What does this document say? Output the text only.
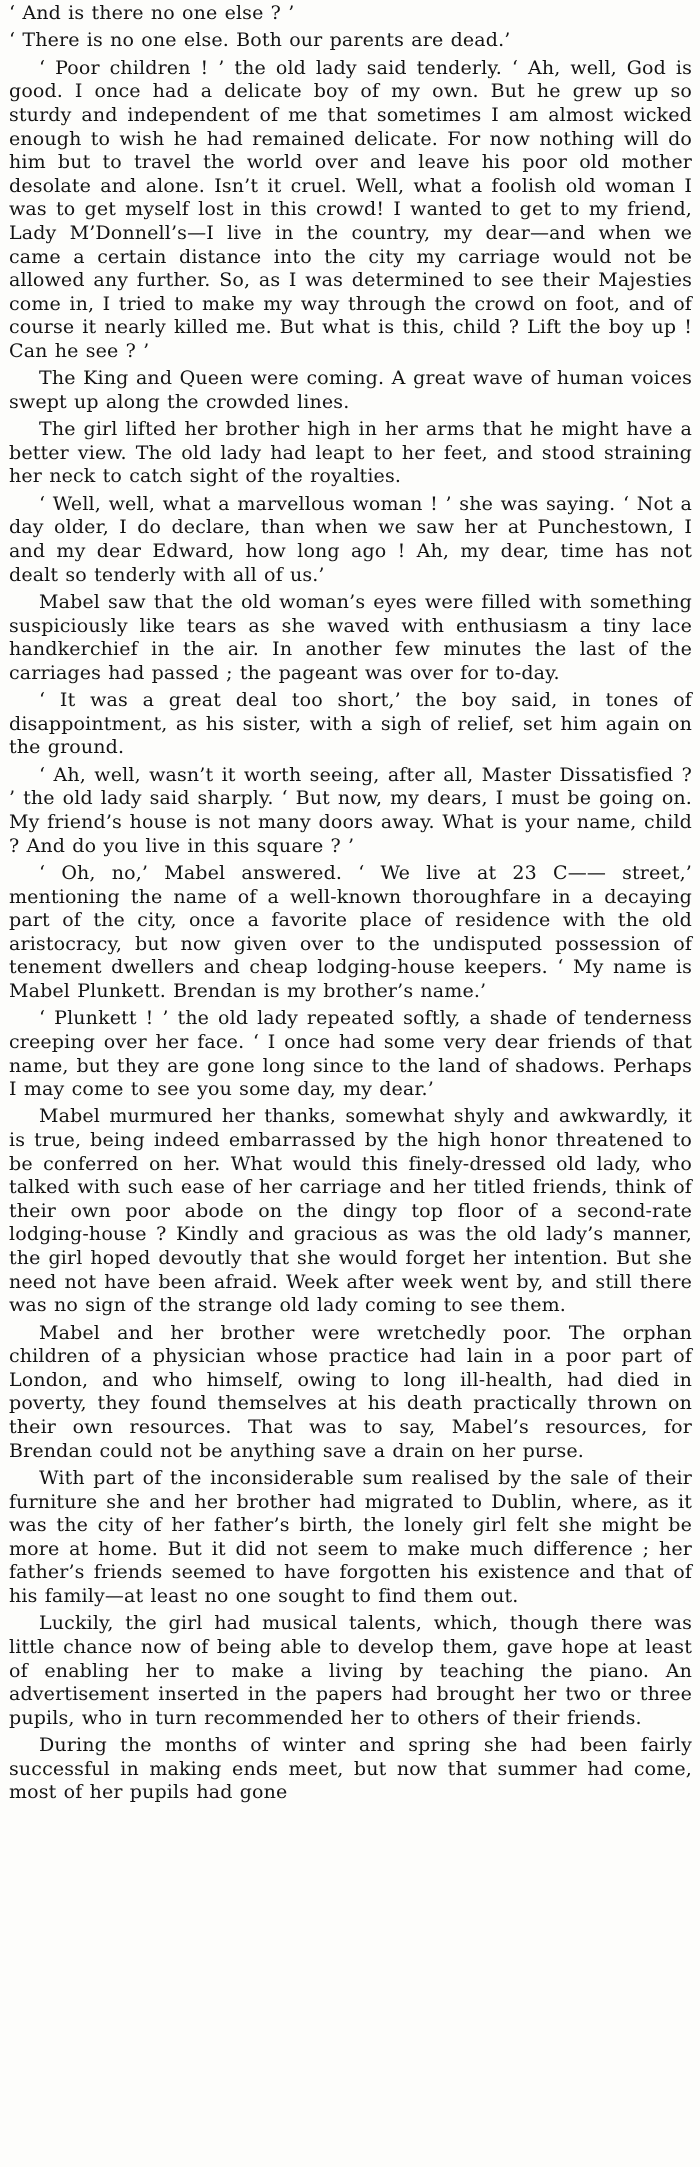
‘ And is there no one else ? ’

‘ There is no one else. Both our parents are dead.’

‘ Poor children ! ’ the old lady said tenderly. ‘ Ah, well, God is good. I once had a delicate boy of my own. But he grew up so sturdy and independent of me that sometimes I am almost wicked enough to wish he had remained delicate. For now nothing will do him but to travel the world over and leave his poor old mother desolate and alone. Isn’t it cruel. Well, what a foolish old woman I was to get myself lost in this crowd! I wanted to get to my friend, Lady M’Donnell’s—I live in the country, my dear—and when we came a certain distance into the city my carriage would not be allowed any further. So, as I was determined to see their Majesties come in, I tried to make my way through the crowd on foot, and of course it nearly killed me. But what is this, child ? Lift the boy up ! Can he see ? ’

The King and Queen were coming. A great wave of human voices swept up along the crowded lines.

The girl lifted her brother high in her arms that he might have a better view. The old lady had leapt to her feet, and stood straining her neck to catch sight of the royalties.

‘ Well, well, what a marvellous woman ! ’ she was saying. ‘ Not a day older, I do declare, than when we saw her at Punchestown, I and my dear Edward, how long ago ! Ah, my dear, time has not dealt so tenderly with all of us.’

Mabel saw that the old woman’s eyes were filled with something suspiciously like tears as she waved with enthusiasm a tiny lace handkerchief in the air. In another few minutes the last of the carriages had passed ; the pageant was over for to-day.

‘ It was a great deal too short,’ the boy said, in tones of disappointment, as his sister, with a sigh of relief, set him again on the ground.

‘ Ah, well, wasn’t it worth seeing, after all, Master Dissatisfied ? ’ the old lady said sharply. ‘ But now, my dears, I must be going on. My friend’s house is not many doors away. What is your name, child ? And do you live in this square ? ’

‘ Oh, no,’ Mabel answered. ‘ We live at 23 C—— street,’ mentioning the name of a well-known thoroughfare in a decaying part of the city, once a favorite place of residence with the old aristocracy, but now given over to the undisputed possession of tenement dwellers and cheap lodging-house keepers. ‘ My name is Mabel Plunkett. Brendan is my brother’s name.’

‘ Plunkett ! ’ the old lady repeated softly, a shade of tenderness creeping over her face. ‘ I once had some very dear friends of that name, but they are gone long since to the land of shadows. Perhaps I may come to see you some day, my dear.’

Mabel murmured her thanks, somewhat shyly and awkwardly, it is true, being indeed embarrassed by the high honor threatened to be conferred on her. What would this finely-dressed old lady, who talked with such ease of her carriage and her titled friends, think of their own poor abode on the dingy top floor of a second-rate lodging-house ? Kindly and gracious as was the old lady’s manner, the girl hoped devoutly that she would forget her intention. But she need not have been afraid. Week after week went by, and still there was no sign of the strange old lady coming to see them.

Mabel and her brother were wretchedly poor. The orphan children of a physician whose practice had lain in a poor part of London, and who himself, owing to long ill-health, had died in poverty, they found themselves at his death practically thrown on their own resources. That was to say, Mabel’s resources, for Brendan could not be anything save a drain on her purse.

With part of the inconsiderable sum realised by the sale of their furniture she and her brother had migrated to Dublin, where, as it was the city of her father’s birth, the lonely girl felt she might be more at home. But it did not seem to make much difference ; her father’s friends seemed to have forgotten his existence and that of his family—at least no one sought to find them out.

Luckily, the girl had musical talents, which, though there was little chance now of being able to develop them, gave hope at least of enabling her to make a living by teaching the piano. An advertisement inserted in the papers had brought her two or three pupils, who in turn recommended her to others of their friends.

During the months of winter and spring she had been fairly successful in making ends meet, but now that summer had come, most of her pupils had gone
